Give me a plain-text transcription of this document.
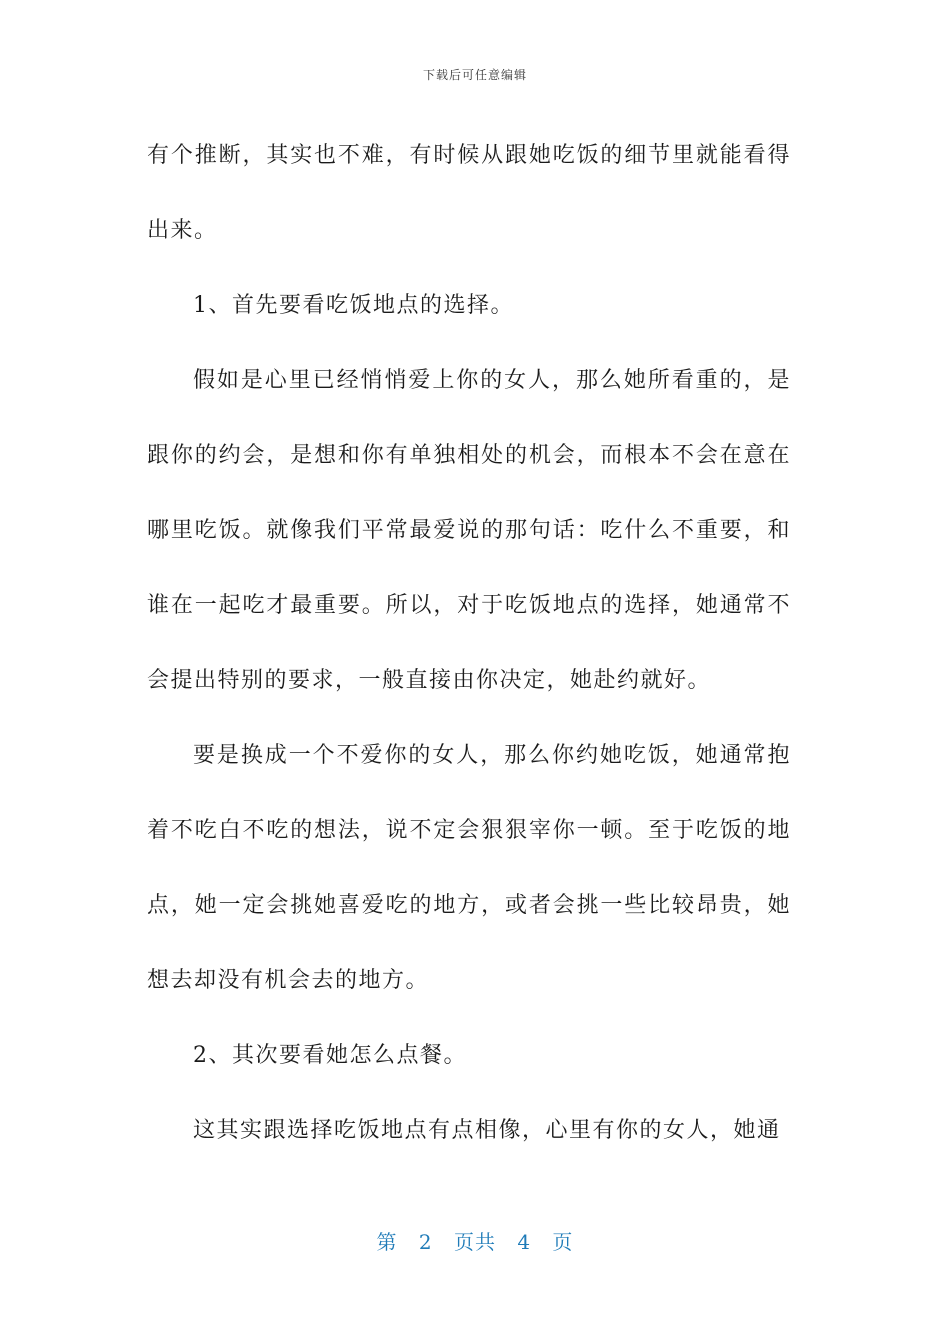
下载后可任意编辑

有个推断，其实也不难，有时候从跟她吃饭的细节里就能看得出来。

1、首先要看吃饭地点的选择。

假如是心里已经悄悄爱上你的女人，那么她所看重的，是跟你的约会，是想和你有单独相处的机会，而根本不会在意在哪里吃饭。就像我们平常最爱说的那句话：吃什么不重要，和谁在一起吃才最重要。所以，对于吃饭地点的选择，她通常不会提出特别的要求，一般直接由你决定，她赴约就好。

要是换成一个不爱你的女人，那么你约她吃饭，她通常抱着不吃白不吃的想法，说不定会狠狠宰你一顿。至于吃饭的地点，她一定会挑她喜爱吃的地方，或者会挑一些比较昂贵，她想去却没有机会去的地方。

2、其次要看她怎么点餐。

这其实跟选择吃饭地点有点相像，心里有你的女人，她通

第 2 页共 4 页
